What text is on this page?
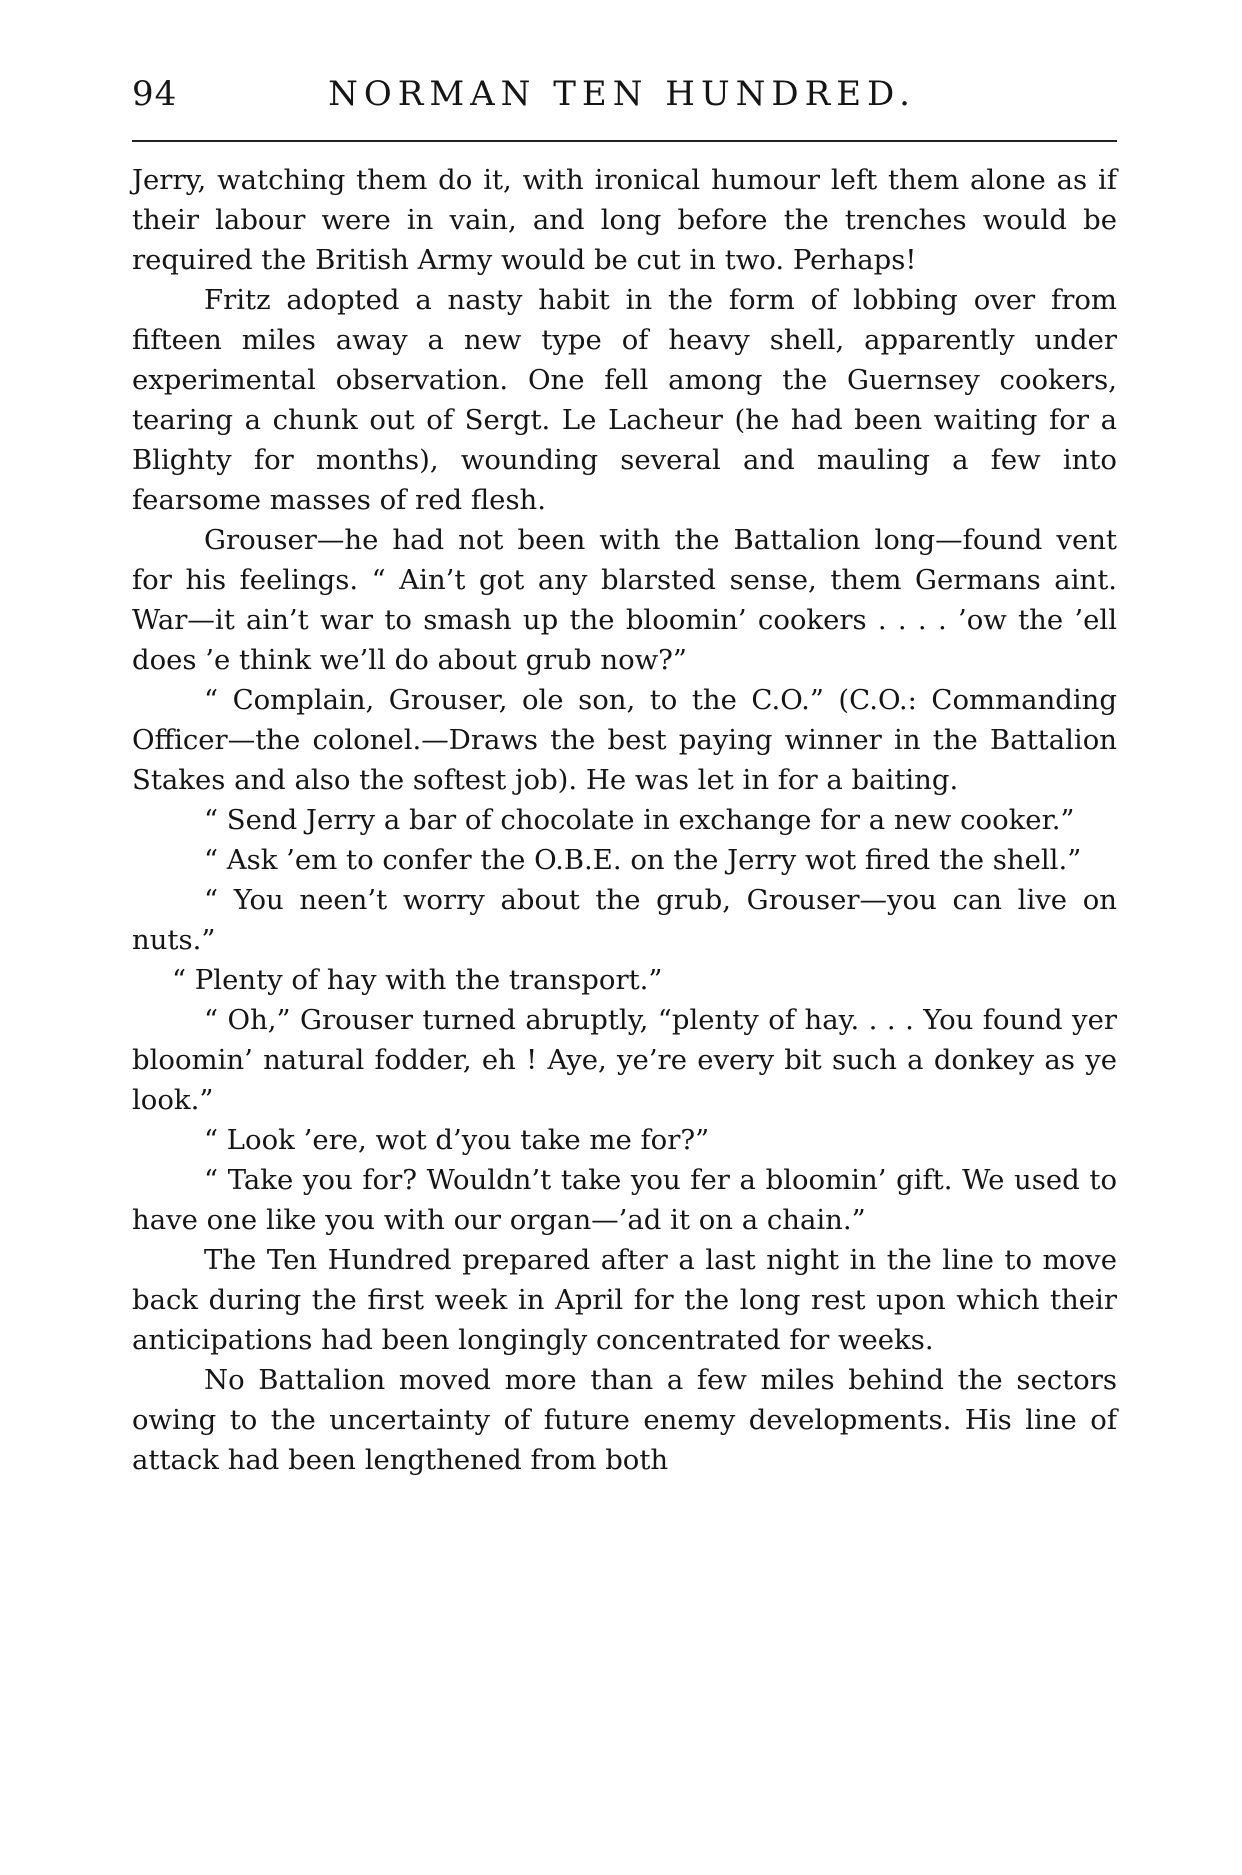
94	NORMAN TEN HUNDRED.

Jerry, watching them do it, with ironical humour left them alone as if their labour were in vain, and long before the trenches would be required the British Army would be cut in two. Perhaps!

Fritz adopted a nasty habit in the form of lobbing over from fifteen miles away a new type of heavy shell, apparently under experimental observation. One fell among the Guernsey cookers, tearing a chunk out of Sergt. Le Lacheur (he had been waiting for a Blighty for months), wounding several and mauling a few into fearsome masses of red flesh.

Grouser—he had not been with the Battalion long—found vent for his feelings. “ Ain’t got any blarsted sense, them Germans aint. War—it ain’t war to smash up the bloomin’ cookers . . . . ’ow the ’ell does ’e think we’ll do about grub now?”

“ Complain, Grouser, ole son, to the C.O.” (C.O.: Commanding Officer—the colonel.—Draws the best paying winner in the Battalion Stakes and also the softest job). He was let in for a baiting.

“ Send Jerry a bar of chocolate in exchange for a new cooker.”

“ Ask ’em to confer the O.B.E. on the Jerry wot fired the shell.”

“ You neen’t worry about the grub, Grouser—you can live on nuts.”

“ Plenty of hay with the transport.”

“ Oh,” Grouser turned abruptly, “plenty of hay. . . . You found yer bloomin’ natural fodder, eh ! Aye, ye’re every bit such a donkey as ye look.”

“ Look ’ere, wot d’you take me for?”

“ Take you for? Wouldn’t take you fer a bloomin’ gift. We used to have one like you with our organ—’ad it on a chain.”

The Ten Hundred prepared after a last night in the line to move back during the first week in April for the long rest upon which their anticipations had been longingly concentrated for weeks.

No Battalion moved more than a few miles behind the sectors owing to the uncertainty of future enemy developments. His line of attack had been lengthened from both
